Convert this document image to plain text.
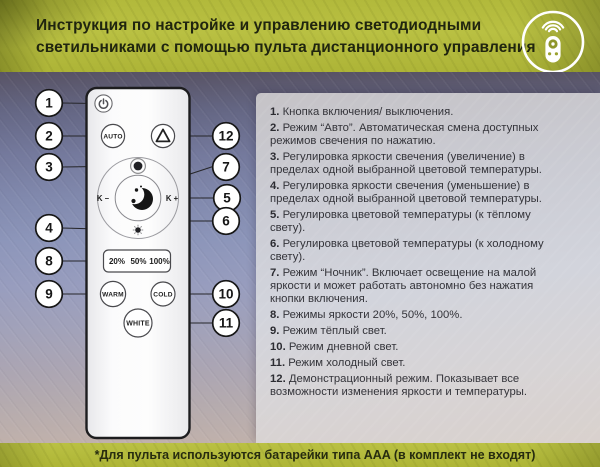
Инструкция по настройке и управлению светодиодными
светильниками с помощью пульта дистанционного управления
AUTO
K –	K +
20% 50% 100%
WARM	COLD
WHITE
1
2
3
4
8
9
12
7
5
6
10
11

1. Кнопка включения/ выключения.

2. Режим “Авто”. Автоматическая смена доступных режимов свечения по нажатию.

3. Регулировка яркости свечения (увеличение) в пределах одной выбранной цветовой температуры.

4. Регулировка яркости свечения (уменьшение) в пределах одной выбранной цветовой температуры.

5. Регулировка цветовой температуры (к тёплому свету).

6. Регулировка цветовой температуры (к холодному свету).

7. Режим “Ночник”. Включает освещение на малой яркости и может работать автономно без нажатия кнопки включения.

8. Режимы яркости 20%, 50%, 100%.

9. Режим тёплый свет.

10. Режим дневной свет.

11. Режим холодный свет.

12. Демонстрационный режим. Показывает все возможности изменения яркости и температуры.

*Для пульта используются батарейки типа AAA (в комплект не входят)
